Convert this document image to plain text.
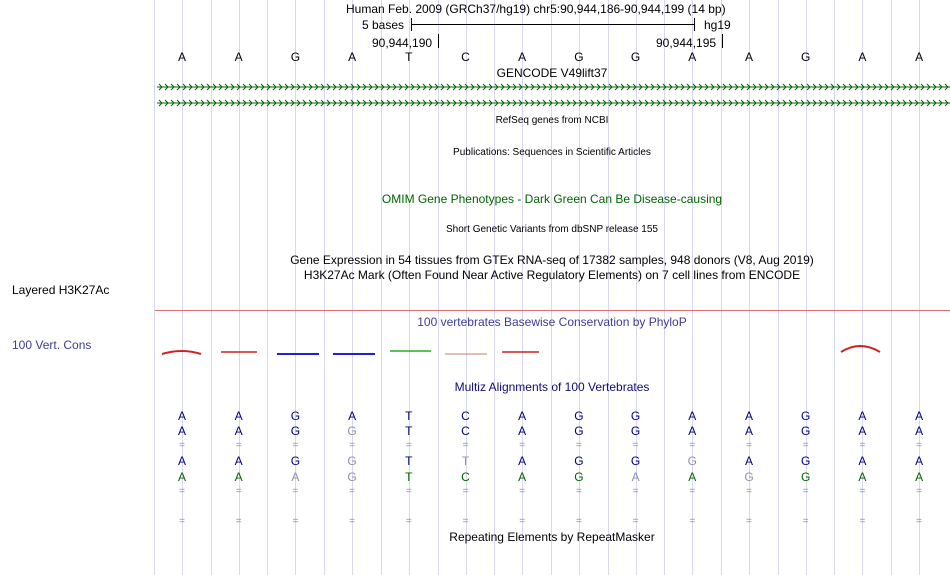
Layered H3K27Ac
100 Vert. Cons
Human Feb. 2009 (GRCh37/hg19) chr5:90,944,186-90,944,199 (14 bp)
5 bases	hg19
90,944,190	90,944,195
A	A	G	A	T	C	A	G	G	A	A	G	A	A
GENCODE V49lift37
RefSeq genes from NCBI
Publications: Sequences in Scientific Articles
OMIM Gene Phenotypes - Dark Green Can Be Disease-causing
Short Genetic Variants from dbSNP release 155
Gene Expression in 54 tissues from GTEx RNA-seq of 17382 samples, 948 donors (V8, Aug 2019)
H3K27Ac Mark (Often Found Near Active Regulatory Elements) on 7 cell lines from ENCODE
100 vertebrates Basewise Conservation by PhyloP
Multiz Alignments of 100 Vertebrates
A	A	G	A	T	C	A	G	G	A	A	G	A	A
A	A	G	G	T	C	A	G	G	A	A	G	A	A
=	=	=	=	=	=	=	=	=	=	=	=	=	=
A	A	G	G	T	T	A	G	G	G	A	G	A	A
A	A	A	G	T	C	A	G	A	A	G	G	A	A
=	=	=	=	=	=	=	=	=	=	=	=	=	=
=	=	=	=	=	=	=	=	=	=	=	=	=	=
Repeating Elements by RepeatMasker
